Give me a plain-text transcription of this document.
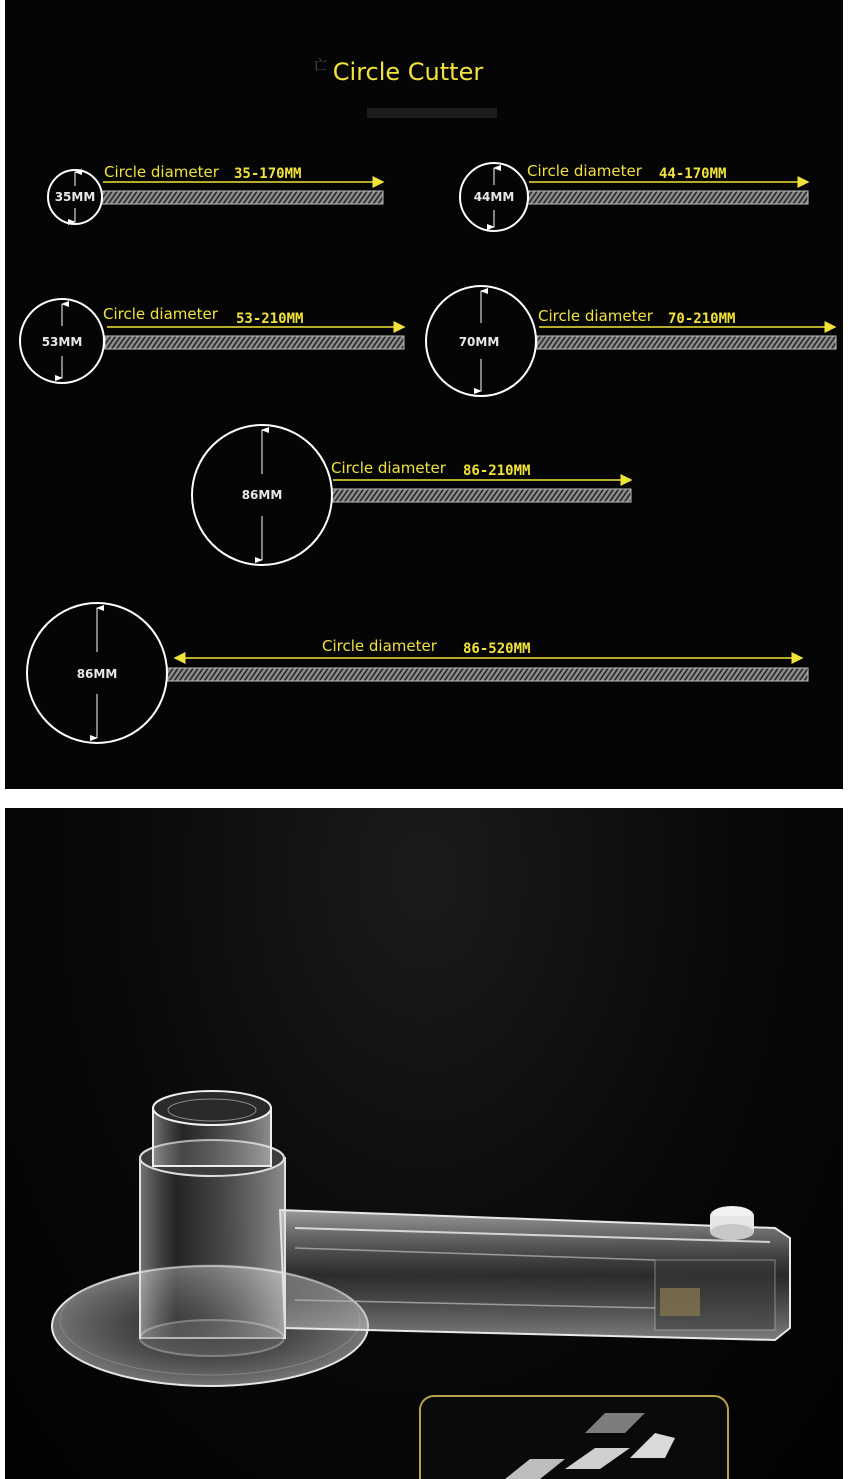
Circle Cutter
亡
35MM
Circle diameter 35-170MM
44MM
Circle diameter 44-170MM
53MM
Circle diameter 53-210MM
70MM
Circle diameter 70-210MM
86MM
Circle diameter 86-210MM
86MM
Circle diameter 86-520MM
